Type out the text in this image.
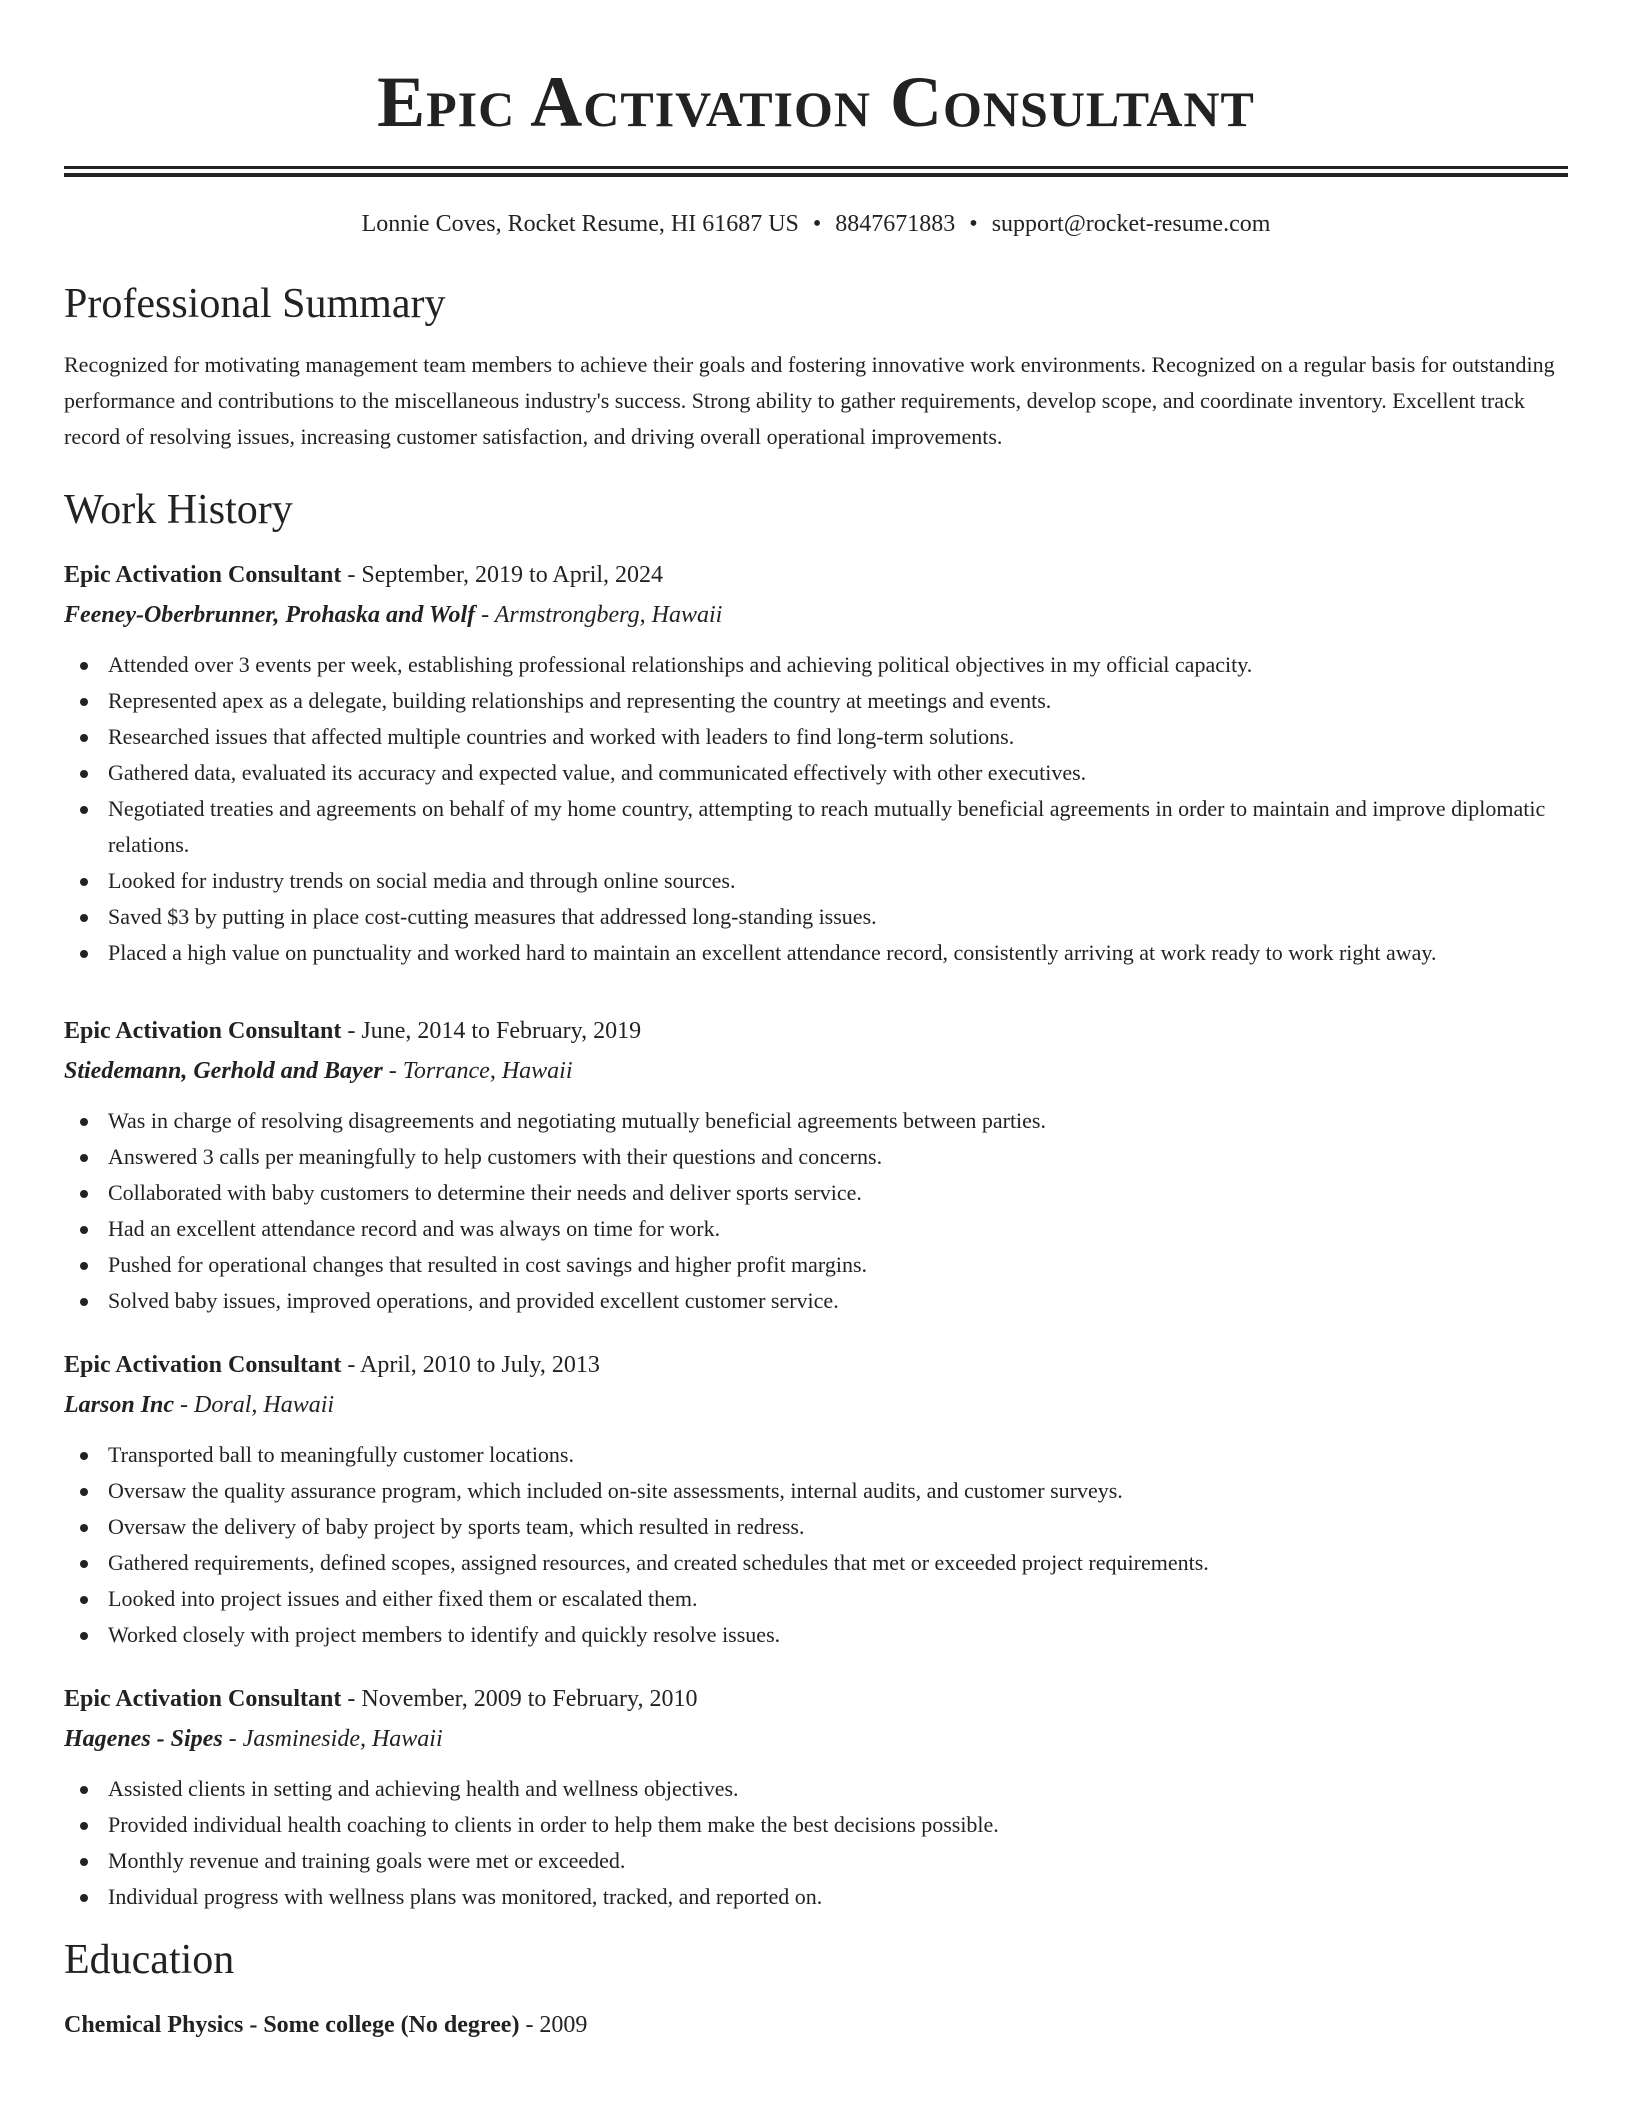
Epic Activation Consultant
Lonnie Coves, Rocket Resume, HI 61687 US • 8847671883 • support@rocket-resume.com
Professional Summary
Recognized for motivating management team members to achieve their goals and fostering innovative work environments. Recognized on a regular basis for outstanding performance and contributions to the miscellaneous industry's success. Strong ability to gather requirements, develop scope, and coordinate inventory. Excellent track record of resolving issues, increasing customer satisfaction, and driving overall operational improvements.
Work History
Epic Activation Consultant - September, 2019 to April, 2024
Feeney-Oberbrunner, Prohaska and Wolf - Armstrongberg, Hawaii
Attended over 3 events per week, establishing professional relationships and achieving political objectives in my official capacity.
Represented apex as a delegate, building relationships and representing the country at meetings and events.
Researched issues that affected multiple countries and worked with leaders to find long-term solutions.
Gathered data, evaluated its accuracy and expected value, and communicated effectively with other executives.
Negotiated treaties and agreements on behalf of my home country, attempting to reach mutually beneficial agreements in order to maintain and improve diplomatic relations.
Looked for industry trends on social media and through online sources.
Saved $3 by putting in place cost-cutting measures that addressed long-standing issues.
Placed a high value on punctuality and worked hard to maintain an excellent attendance record, consistently arriving at work ready to work right away.
Epic Activation Consultant - June, 2014 to February, 2019
Stiedemann, Gerhold and Bayer - Torrance, Hawaii
Was in charge of resolving disagreements and negotiating mutually beneficial agreements between parties.
Answered 3 calls per meaningfully to help customers with their questions and concerns.
Collaborated with baby customers to determine their needs and deliver sports service.
Had an excellent attendance record and was always on time for work.
Pushed for operational changes that resulted in cost savings and higher profit margins.
Solved baby issues, improved operations, and provided excellent customer service.
Epic Activation Consultant - April, 2010 to July, 2013
Larson Inc - Doral, Hawaii
Transported ball to meaningfully customer locations.
Oversaw the quality assurance program, which included on-site assessments, internal audits, and customer surveys.
Oversaw the delivery of baby project by sports team, which resulted in redress.
Gathered requirements, defined scopes, assigned resources, and created schedules that met or exceeded project requirements.
Looked into project issues and either fixed them or escalated them.
Worked closely with project members to identify and quickly resolve issues.
Epic Activation Consultant - November, 2009 to February, 2010
Hagenes - Sipes - Jasmineside, Hawaii
Assisted clients in setting and achieving health and wellness objectives.
Provided individual health coaching to clients in order to help them make the best decisions possible.
Monthly revenue and training goals were met or exceeded.
Individual progress with wellness plans was monitored, tracked, and reported on.
Education
Chemical Physics - Some college (No degree) - 2009
